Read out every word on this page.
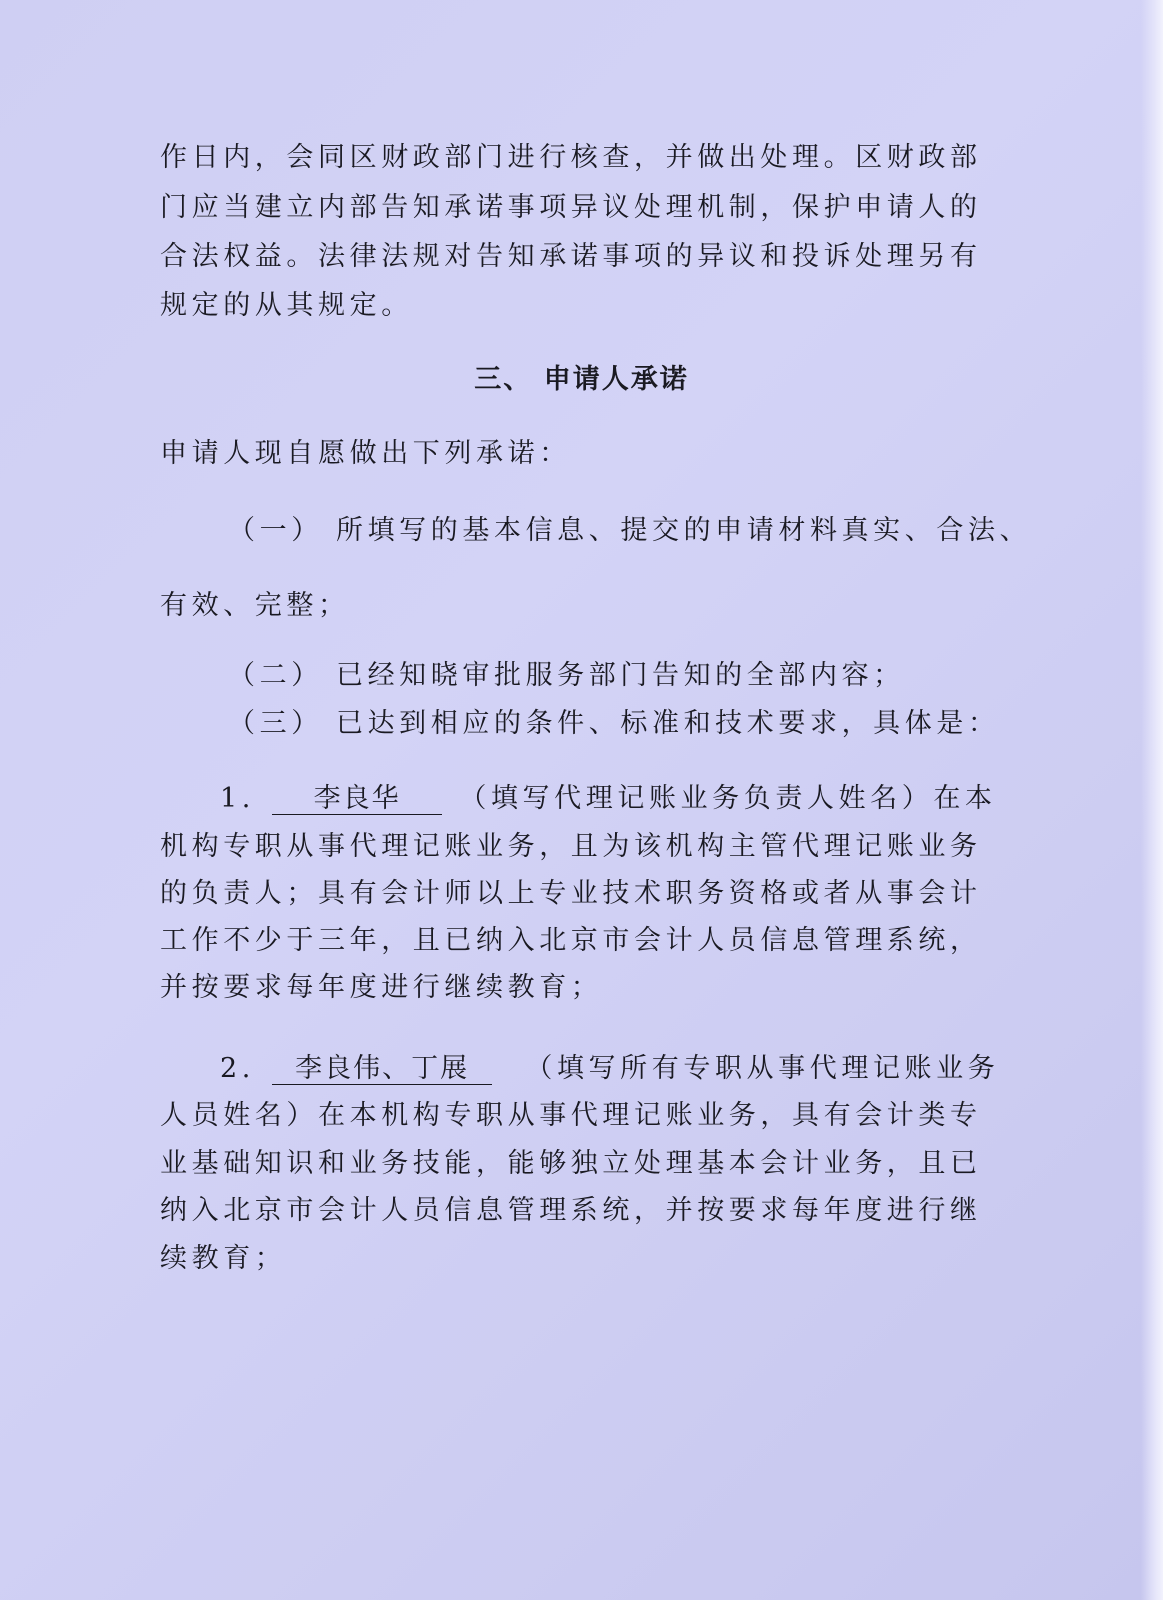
作日内，会同区财政部门进行核查，并做出处理。区财政部
门应当建立内部告知承诺事项异议处理机制，保护申请人的
合法权益。法律法规对告知承诺事项的异议和投诉处理另有
规定的从其规定。
三、 申请人承诺
申请人现自愿做出下列承诺：
（一） 所填写的基本信息、提交的申请材料真实、合法、
有效、完整；
（二） 已经知晓审批服务部门告知的全部内容；
（三） 已达到相应的条件、标准和技术要求，具体是：
1. 李良华 （填写代理记账业务负责人姓名）在本
机构专职从事代理记账业务，且为该机构主管代理记账业务
的负责人；具有会计师以上专业技术职务资格或者从事会计
工作不少于三年，且已纳入北京市会计人员信息管理系统，
并按要求每年度进行继续教育；
2. 李良伟、丁展 （填写所有专职从事代理记账业务
人员姓名）在本机构专职从事代理记账业务，具有会计类专
业基础知识和业务技能，能够独立处理基本会计业务，且已
纳入北京市会计人员信息管理系统，并按要求每年度进行继
续教育；
